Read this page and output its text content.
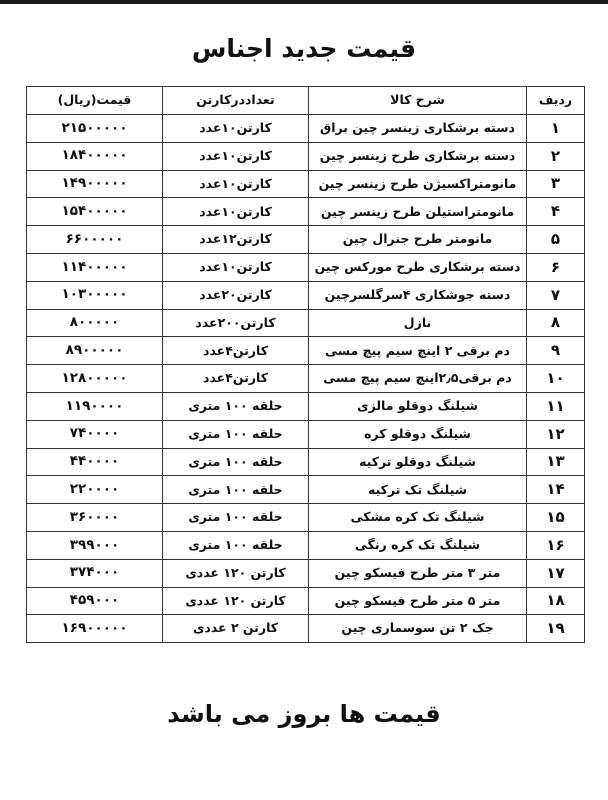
قیمت جدید اجناس
ردیف	شرح کالا	تعداددرکارتن	قیمت(ریال)
۱	دسته برشکاری زینسر چین براق	کارتن۱۰عدد	۲۱۵۰۰۰۰۰
۲	دسته برشکاری طرح زینسر چین	کارتن۱۰عدد	۱۸۴۰۰۰۰۰
۳	مانومتراکسیژن طرح زینسر چین	کارتن۱۰عدد	۱۴۹۰۰۰۰۰
۴	مانومتراستیلن طرح زینسر چین	کارتن۱۰عدد	۱۵۴۰۰۰۰۰
۵	مانومتر طرح جنرال چین	کارتن۱۲عدد	۶۶۰۰۰۰۰
۶	دسته برشکاری طرح مورکس چین	کارتن۱۰عدد	۱۱۴۰۰۰۰۰
۷	دسته جوشکاری ۴سرگلسرچین	کارتن۲۰عدد	۱۰۳۰۰۰۰۰
۸	نازل	کارتن۲۰۰عدد	۸۰۰۰۰۰
۹	دم برقی ۲ اینچ سیم پیچ مسی	کارتن۴عدد	۸۹۰۰۰۰۰
۱۰	دم برقی۲٫۵اینچ سیم پیچ مسی	کارتن۴عدد	۱۲۸۰۰۰۰۰
۱۱	شیلنگ دوقلو مالزی	حلقه ۱۰۰ متری	۱۱۹۰۰۰۰
۱۲	شیلنگ دوقلو کره	حلقه ۱۰۰ متری	۷۴۰۰۰۰
۱۳	شیلنگ دوقلو ترکیه	حلقه ۱۰۰ متری	۴۴۰۰۰۰
۱۴	شیلنگ تک ترکیه	حلقه ۱۰۰ متری	۲۲۰۰۰۰
۱۵	شیلنگ تک کره مشکی	حلقه ۱۰۰ متری	۳۶۰۰۰۰
۱۶	شیلنگ تک کره رنگی	حلقه ۱۰۰ متری	۳۹۹۰۰۰
۱۷	متر ۳ متر طرح فیسکو چین	کارتن ۱۲۰ عددی	۳۷۴۰۰۰
۱۸	متر ۵ متر طرح فیسکو چین	کارتن ۱۲۰ عددی	۴۵۹۰۰۰
۱۹	جک ۲ تن سوسماری چین	کارتن ۲ عددی	۱۶۹۰۰۰۰۰
قیمت ها بروز می باشد
